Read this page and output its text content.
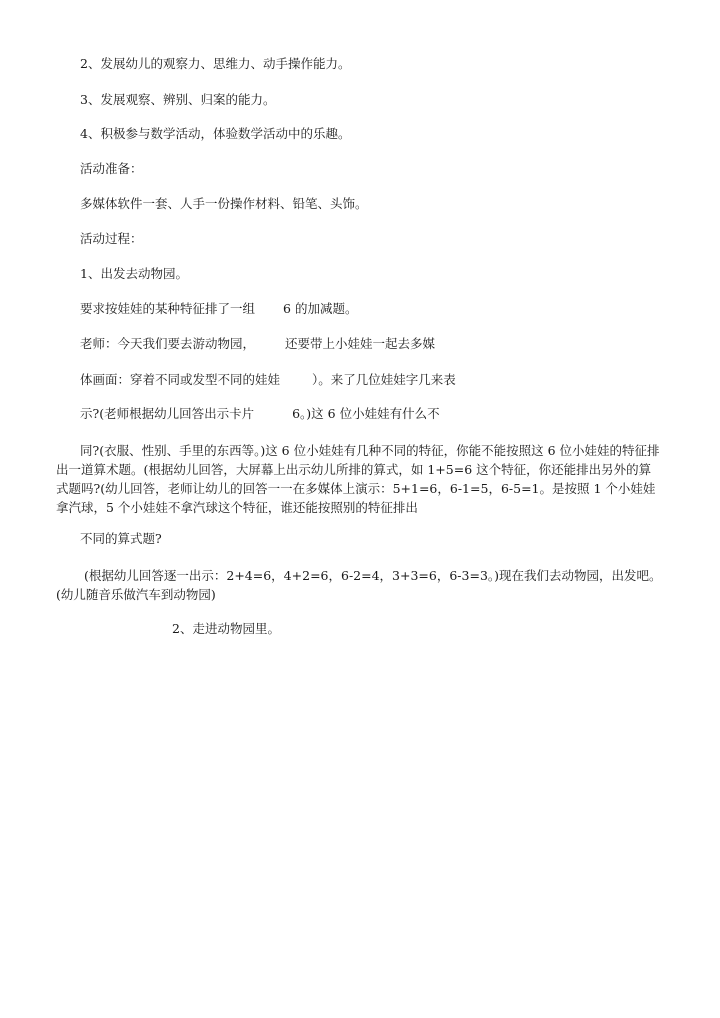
2、发展幼儿的观察力、思维力、动手操作能力。
3、发展观察、辨别、归案的能力。
4、积极参与数学活动，体验数学活动中的乐趣。
活动准备：
多媒体软件一套、人手一份操作材料、铅笔、头饰。
活动过程：
1、出发去动物园。
要求按娃娃的某种特征排了一组 6 的加减题。
老师：今天我们要去游动物园， 还要带上小娃娃一起去多媒
体画面：穿着不同或发型不同的娃娃	）。来了几位娃娃字几来表
示?(老师根据幼儿回答出示卡片	6。)这 6 位小娃娃有什么不
同?(衣服、性别、手里的东西等。)这 6 位小娃娃有几种不同的特征，你能不能按照这 6 位小娃娃的特征排出一道算术题。(根据幼儿回答，大屏幕上出示幼儿所排的算式，如 1+5=6 这个特征，你还能排出另外的算式题吗?(幼儿回答，老师让幼儿的回答一一在多媒体上演示：5+1=6，6-1=5，6-5=1。是按照 1 个小娃娃拿汽球，5 个小娃娃不拿汽球这个特征，谁还能按照别的特征排出
不同的算式题?
(根据幼儿回答逐一出示：2+4=6，4+2=6，6-2=4，3+3=6，6-3=3。)现在我们去动物园，出发吧。(幼儿随音乐做汽车到动物园)
2、走进动物园里。
